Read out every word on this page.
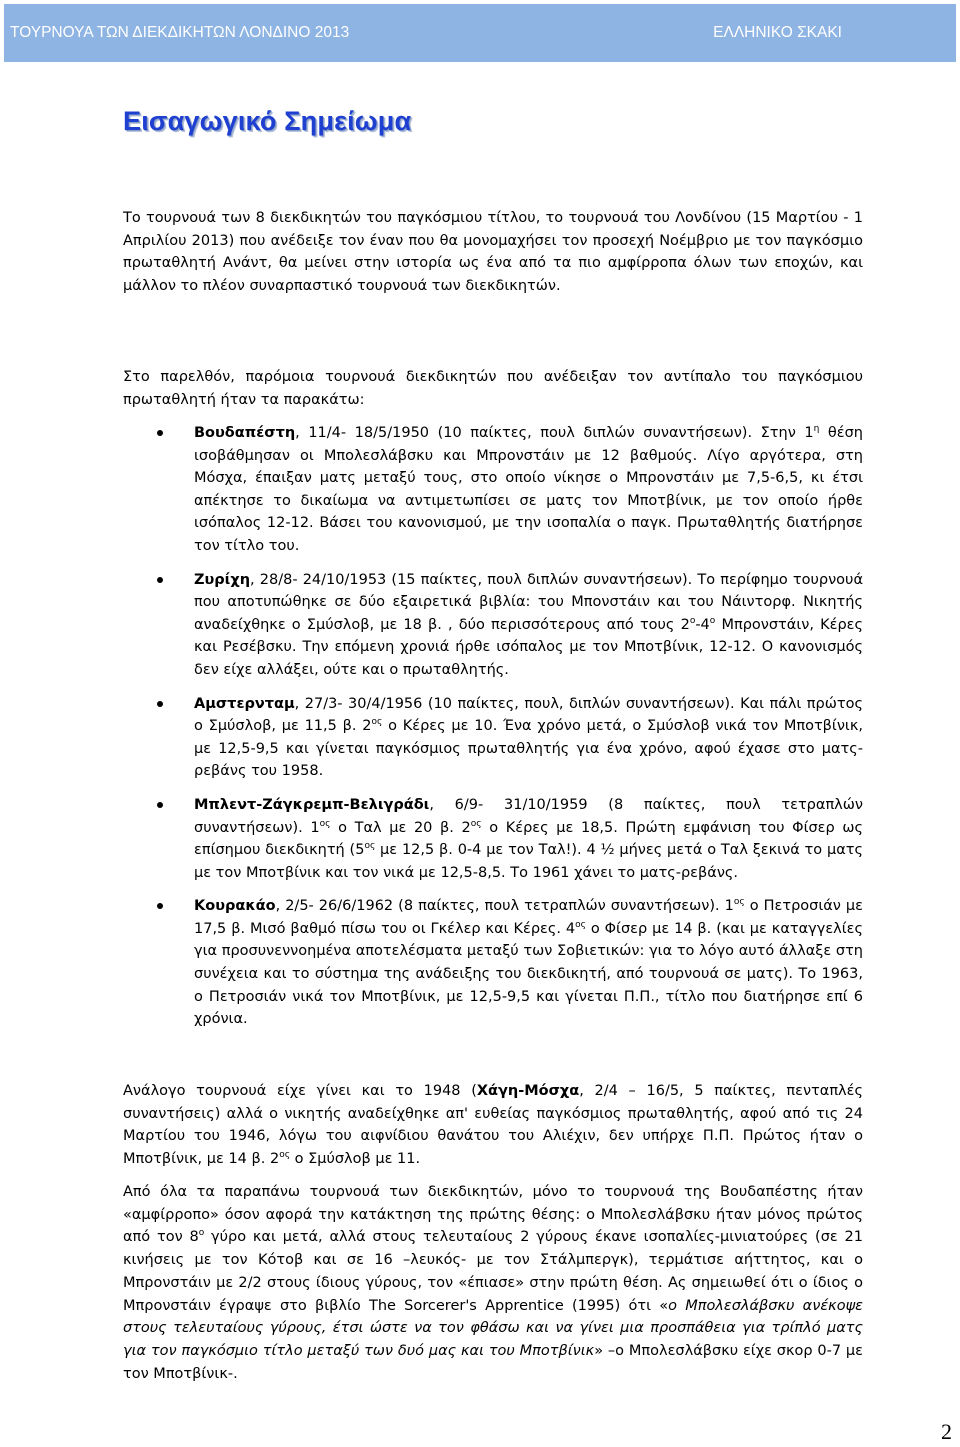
ΤΟΥΡΝΟΥΑ ΤΩΝ ΔΙΕΚΔΙΚΗΤΩΝ ΛΟΝΔΙΝΟ 2013	ΕΛΛΗΝΙΚΟ ΣΚΑΚΙ
Εισαγωγικό Σημείωμα

Το τουρνουά των 8 διεκδικητών του παγκόσμιου τίτλου, το τουρνουά του Λονδίνου (15 Μαρτίου - 1 Απριλίου 2013) που ανέδειξε τον έναν που θα μονομαχήσει τον προσεχή Νοέμβριο με τον παγκόσμιο πρωταθλητή Ανάντ, θα μείνει στην ιστορία ως ένα από τα πιο αμφίρροπα όλων των εποχών, και μάλλον το πλέον συναρπαστικό τουρνουά των διεκδικητών.

Στο παρελθόν, παρόμοια τουρνουά διεκδικητών που ανέδειξαν τον αντίπαλο του παγκόσμιου πρωταθλητή ήταν τα παρακάτω:

Βουδαπέστη, 11/4- 18/5/1950 (10 παίκτες, πουλ διπλών συναντήσεων). Στην $1^\eta$ θέση ισοβάθμησαν οι Μπολεσλάβσκυ και Μπρονστάιν με 12 βαθμούς. Λίγο αργότερα, στη Μόσχα, έπαιξαν ματς μεταξύ τους, στο οποίο νίκησε ο Μπρονστάιν με 7,5-6,5, κι έτσι απέκτησε το δικαίωμα να αντιμετωπίσει σε ματς τον Μποτβίνικ, με τον οποίο ήρθε ισόπαλος 12-12. Βάσει του κανονισμού, με την ισοπαλία ο παγκ. Πρωταθλητής διατήρησε τον τίτλο του.
Ζυρίχη, 28/8- 24/10/1953 (15 παίκτες, πουλ διπλών συναντήσεων). Το περίφημο τουρνουά που αποτυπώθηκε σε δύο εξαιρετικά βιβλία: του Μπονστάιν και του Νάιντορφ. Νικητής αναδείχθηκε ο Σμύσλοβ, με 18 β. , δύο περισσότερους από τους $2^o-4^o$ Μπρονστάιν, Κέρες και Ρεσέβσκυ. Την επόμενη χρονιά ήρθε ισόπαλος με τον Μποτβίνικ, 12-12. Ο κανονισμός δεν είχε αλλάξει, ούτε και ο πρωταθλητής.
Αμστερνταμ, 27/3- 30/4/1956 (10 παίκτες, πουλ, διπλών συναντήσεων). Και πάλι πρώτος ο Σμύσλοβ, με 11,5 β. $2^{o\varsigma}$ ο Κέρες με 10. Ένα χρόνο μετά, ο Σμύσλοβ νικά τον Μποτβίνικ, με 12,5-9,5 και γίνεται παγκόσμιος πρωταθλητής για ένα χρόνο, αφού έχασε στο ματς-ρεβάνς του 1958.
Μπλεντ-Ζάγκρεμπ-Βελιγράδι, 6/9- 31/10/1959 (8 παίκτες, πουλ τετραπλών συναντήσεων). $1^{o\varsigma}$ ο Ταλ με 20 β. $2^{o\varsigma}$ ο Κέρες με 18,5. Πρώτη εμφάνιση του Φίσερ ως επίσημου διεκδικητή ($5^{o\varsigma}$ με 12,5 β. 0-4 με τον Ταλ!). 4 ½ μήνες μετά ο Ταλ ξεκινά το ματς με τον Μποτβίνικ και τον νικά με 12,5-8,5. Το 1961 χάνει το ματς-ρεβάνς.
Κουρακάο, 2/5- 26/6/1962 (8 παίκτες, πουλ τετραπλών συναντήσεων). $1^{o\varsigma}$ ο Πετροσιάν με 17,5 β. Μισό βαθμό πίσω του οι Γκέλερ και Κέρες. $4^{o\varsigma}$ ο Φίσερ με 14 β. (και με καταγγελίες για προσυνεννοημένα αποτελέσματα μεταξύ των Σοβιετικών: για το λόγο αυτό άλλαξε στη συνέχεια και το σύστημα της ανάδειξης του διεκδικητή, από τουρνουά σε ματς). Το 1963, ο Πετροσιάν νικά τον Μποτβίνικ, με 12,5-9,5 και γίνεται Π.Π., τίτλο που διατήρησε επί 6 χρόνια.

Ανάλογο τουρνουά είχε γίνει και το 1948 (Χάγη-Μόσχα, 2/4 – 16/5, 5 παίκτες, πενταπλές συναντήσεις) αλλά ο νικητής αναδείχθηκε απ' ευθείας παγκόσμιος πρωταθλητής, αφού από τις 24 Μαρτίου του 1946, λόγω του αιφνίδιου θανάτου του Αλιέχιν, δεν υπήρχε Π.Π. Πρώτος ήταν ο Μποτβίνικ, με 14 β. $2^{o\varsigma}$ ο Σμύσλοβ με 11.

Από όλα τα παραπάνω τουρνουά των διεκδικητών, μόνο το τουρνουά της Βουδαπέστης ήταν «αμφίρροπο» όσον αφορά την κατάκτηση της πρώτης θέσης: ο Μπολεσλάβσκυ ήταν μόνος πρώτος από τον $8^o$ γύρο και μετά, αλλά στους τελευταίους 2 γύρους έκανε ισοπαλίες-μινιατούρες (σε 21 κινήσεις με τον Κότοβ και σε 16 –λευκός- με τον Στάλμπεργκ), τερμάτισε αήττητος, και ο Μπρονστάιν με 2/2 στους ίδιους γύρους, τον «έπιασε» στην πρώτη θέση. Ας σημειωθεί ότι ο ίδιος ο Μπρονστάιν έγραψε στο βιβλίο The Sorcerer's Apprentice (1995) ότι «ο Μπολεσλάβσκυ ανέκοψε στους τελευταίους γύρους, έτσι ώστε να τον φθάσω και να γίνει μια προσπάθεια για τρίπλό ματς για τον παγκόσμιο τίτλο μεταξύ των δυό μας και του Μποτβίνικ» –ο Μπολεσλάβσκυ είχε σκορ 0-7 με τον Μποτβίνικ-.

2
